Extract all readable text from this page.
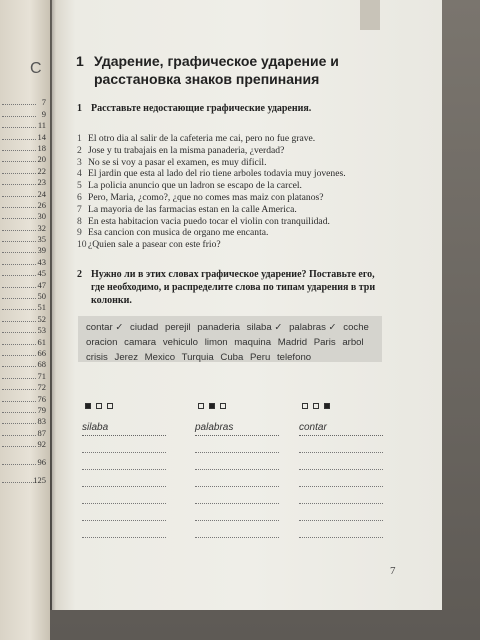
С
7
9
11
14
18
20
22
23
24
26
30
32
35
39
43
45
47
50
51
52
53
61
66
68
71
72
76
79
83
87
92
96
125
1 Ударение, графическое ударение и расстановка знаков препинания
1 Расставьте недостающие графические ударения.
1 El otro dia al salir de la cafeteria me cai, pero no fue grave.
2 Jose y tu trabajais en la misma panaderia, ¿verdad?
3 No se si voy a pasar el examen, es muy dificil.
4 El jardin que esta al lado del rio tiene arboles todavia muy jovenes.
5 La policia anuncio que un ladron se escapo de la carcel.
6 Pero, Maria, ¿como?, ¿que no comes mas maiz con platanos?
7 La mayoria de las farmacias estan en la calle America.
8 En esta habitacion vacia puedo tocar el violin con tranquilidad.
9 Esa cancion con musica de organo me encanta.
10 ¿Quien sale a pasear con este frio?
2 Нужно ли в этих словах графическое ударение? Поставьте его, где необходимо, и распределите слова по типам ударения в три колонки.
contar ✓ ciudad perejil panaderia silaba ✓ palabras ✓ coche oracion camara vehiculo limon maquina Madrid Paris arbol crisis Jerez Mexico Turquia Cuba Peru telefono
silaba	palabras	contar
7
